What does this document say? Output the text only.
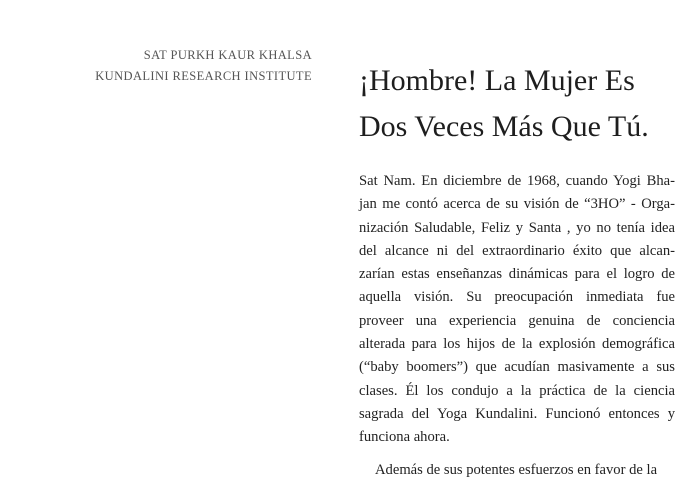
SAT PURKH KAUR KHALSA
KUNDALINI RESEARCH INSTITUTE ¡Hombre! La Mujer Es
Dos Veces Más Que Tú.

Sat Nam. En diciembre de 1968, cuando Yogi Bha-
jan me contó acerca de su visión de “3HO” - Orga-
nización Saludable, Feliz y Santa , yo no tenía idea
del alcance ni del extraordinario éxito que alcan-
zarían estas enseñanzas dinámicas para el logro de
aquella visión. Su preocupación inmediata fue
proveer una experiencia genuina de conciencia
alterada para los hijos de la explosión demográfica
(“baby boomers”) que acudían masivamente a sus
clases. Él los condujo a la práctica de la ciencia
sagrada del Yoga Kundalini. Funcionó entonces y
funciona ahora.

Además de sus potentes esfuerzos en favor de la
